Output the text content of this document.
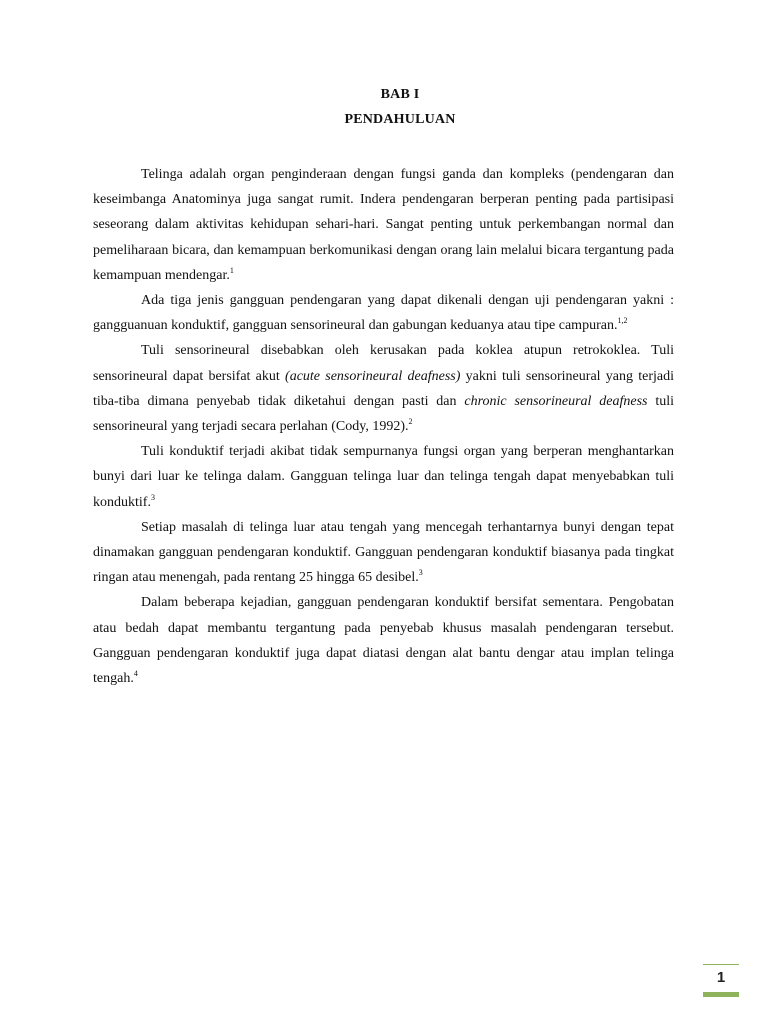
BAB I
PENDAHULUAN

Telinga adalah organ penginderaan dengan fungsi ganda dan kompleks (pendengaran dan keseimbanga Anatominya juga sangat rumit. Indera pendengaran berperan penting pada partisipasi seseorang dalam aktivitas kehidupan sehari-hari. Sangat penting untuk perkembangan normal dan pemeliharaan bicara, dan kemampuan berkomunikasi dengan orang lain melalui bicara tergantung pada kemampuan mendengar.$^1$

Ada tiga jenis gangguan pendengaran yang dapat dikenali dengan uji pendengaran yakni : gangguanuan konduktif, gangguan sensorineural dan gabungan keduanya atau tipe campuran.$^{1,2}$

Tuli sensorineural disebabkan oleh kerusakan pada koklea atupun retrokoklea. Tuli sensorineural dapat bersifat akut (acute sensorineural deafness) yakni tuli sensorineural yang terjadi tiba-tiba dimana penyebab tidak diketahui dengan pasti dan chronic sensorineural deafness tuli sensorineural yang terjadi secara perlahan (Cody, 1992).$^2$

Tuli konduktif terjadi akibat tidak sempurnanya fungsi organ yang berperan menghantarkan bunyi dari luar ke telinga dalam. Gangguan telinga luar dan telinga tengah dapat menyebabkan tuli konduktif.$^3$

Setiap masalah di telinga luar atau tengah yang mencegah terhantarnya bunyi dengan tepat dinamakan gangguan pendengaran konduktif. Gangguan pendengaran konduktif biasanya pada tingkat ringan atau menengah, pada rentang 25 hingga 65 desibel.$^3$

Dalam beberapa kejadian, gangguan pendengaran konduktif bersifat sementara. Pengobatan atau bedah dapat membantu tergantung pada penyebab khusus masalah pendengaran tersebut. Gangguan pendengaran konduktif juga dapat diatasi dengan alat bantu dengar atau implan telinga tengah.$^4$

1
